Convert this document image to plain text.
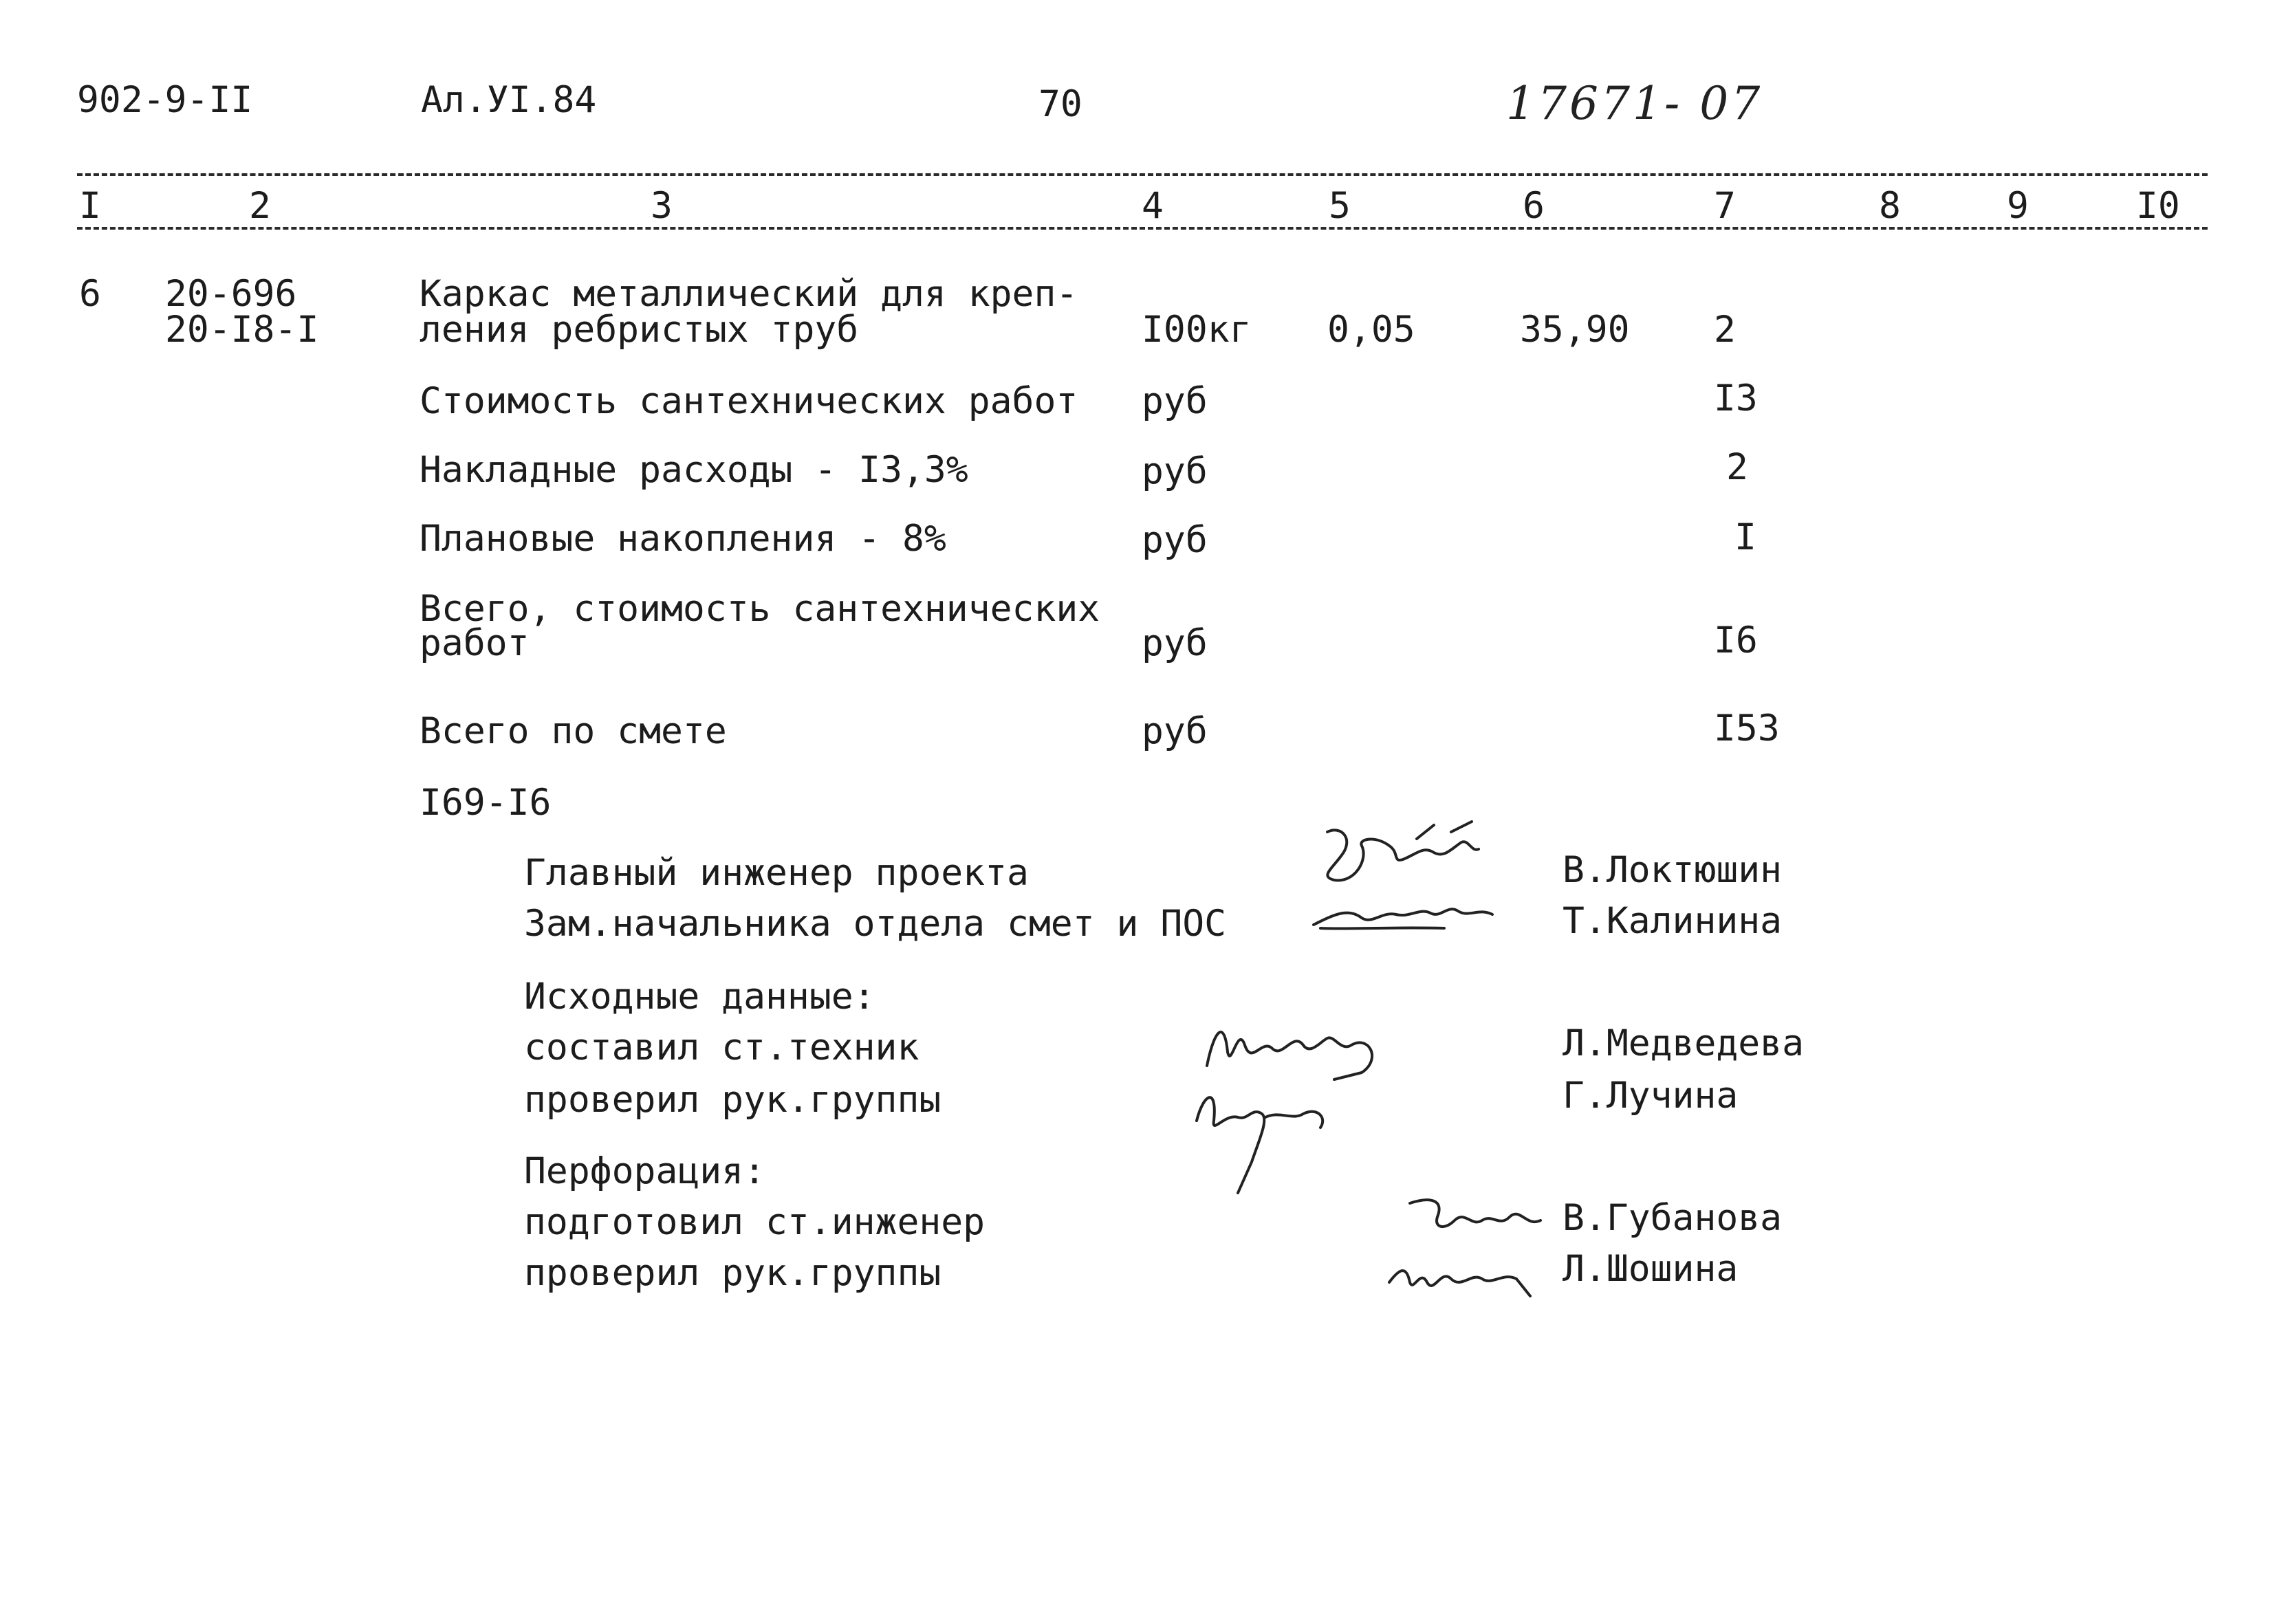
902-9-II	Ал.УI.84	70	17671- 07
I	2	3	4	5	6	7	8	9	I0
6 20-696
20-I8-I
Каркас металлический для креп-
ления ребристых труб	I00кг 0,05	35,90 2
Стоимость сантехнических работ руб	I3
Накладные расходы - I3,3%	руб	2
Плановые накопления - 8%	руб	I
Всего, стоимость сантехнических
работ	руб	I6
Всего по смете	руб	I53
I69-I6
Главный инженер проекта	В.Локтюшин
Зам.начальника отдела смет и ПОС	Т.Калинина
Исходные данные:
составил ст.техник	Л.Медведева
проверил рук.группы	Г.Лучина
Перфорация:
подготовил ст.инженер	В.Губанова
проверил рук.группы	Л.Шошина
